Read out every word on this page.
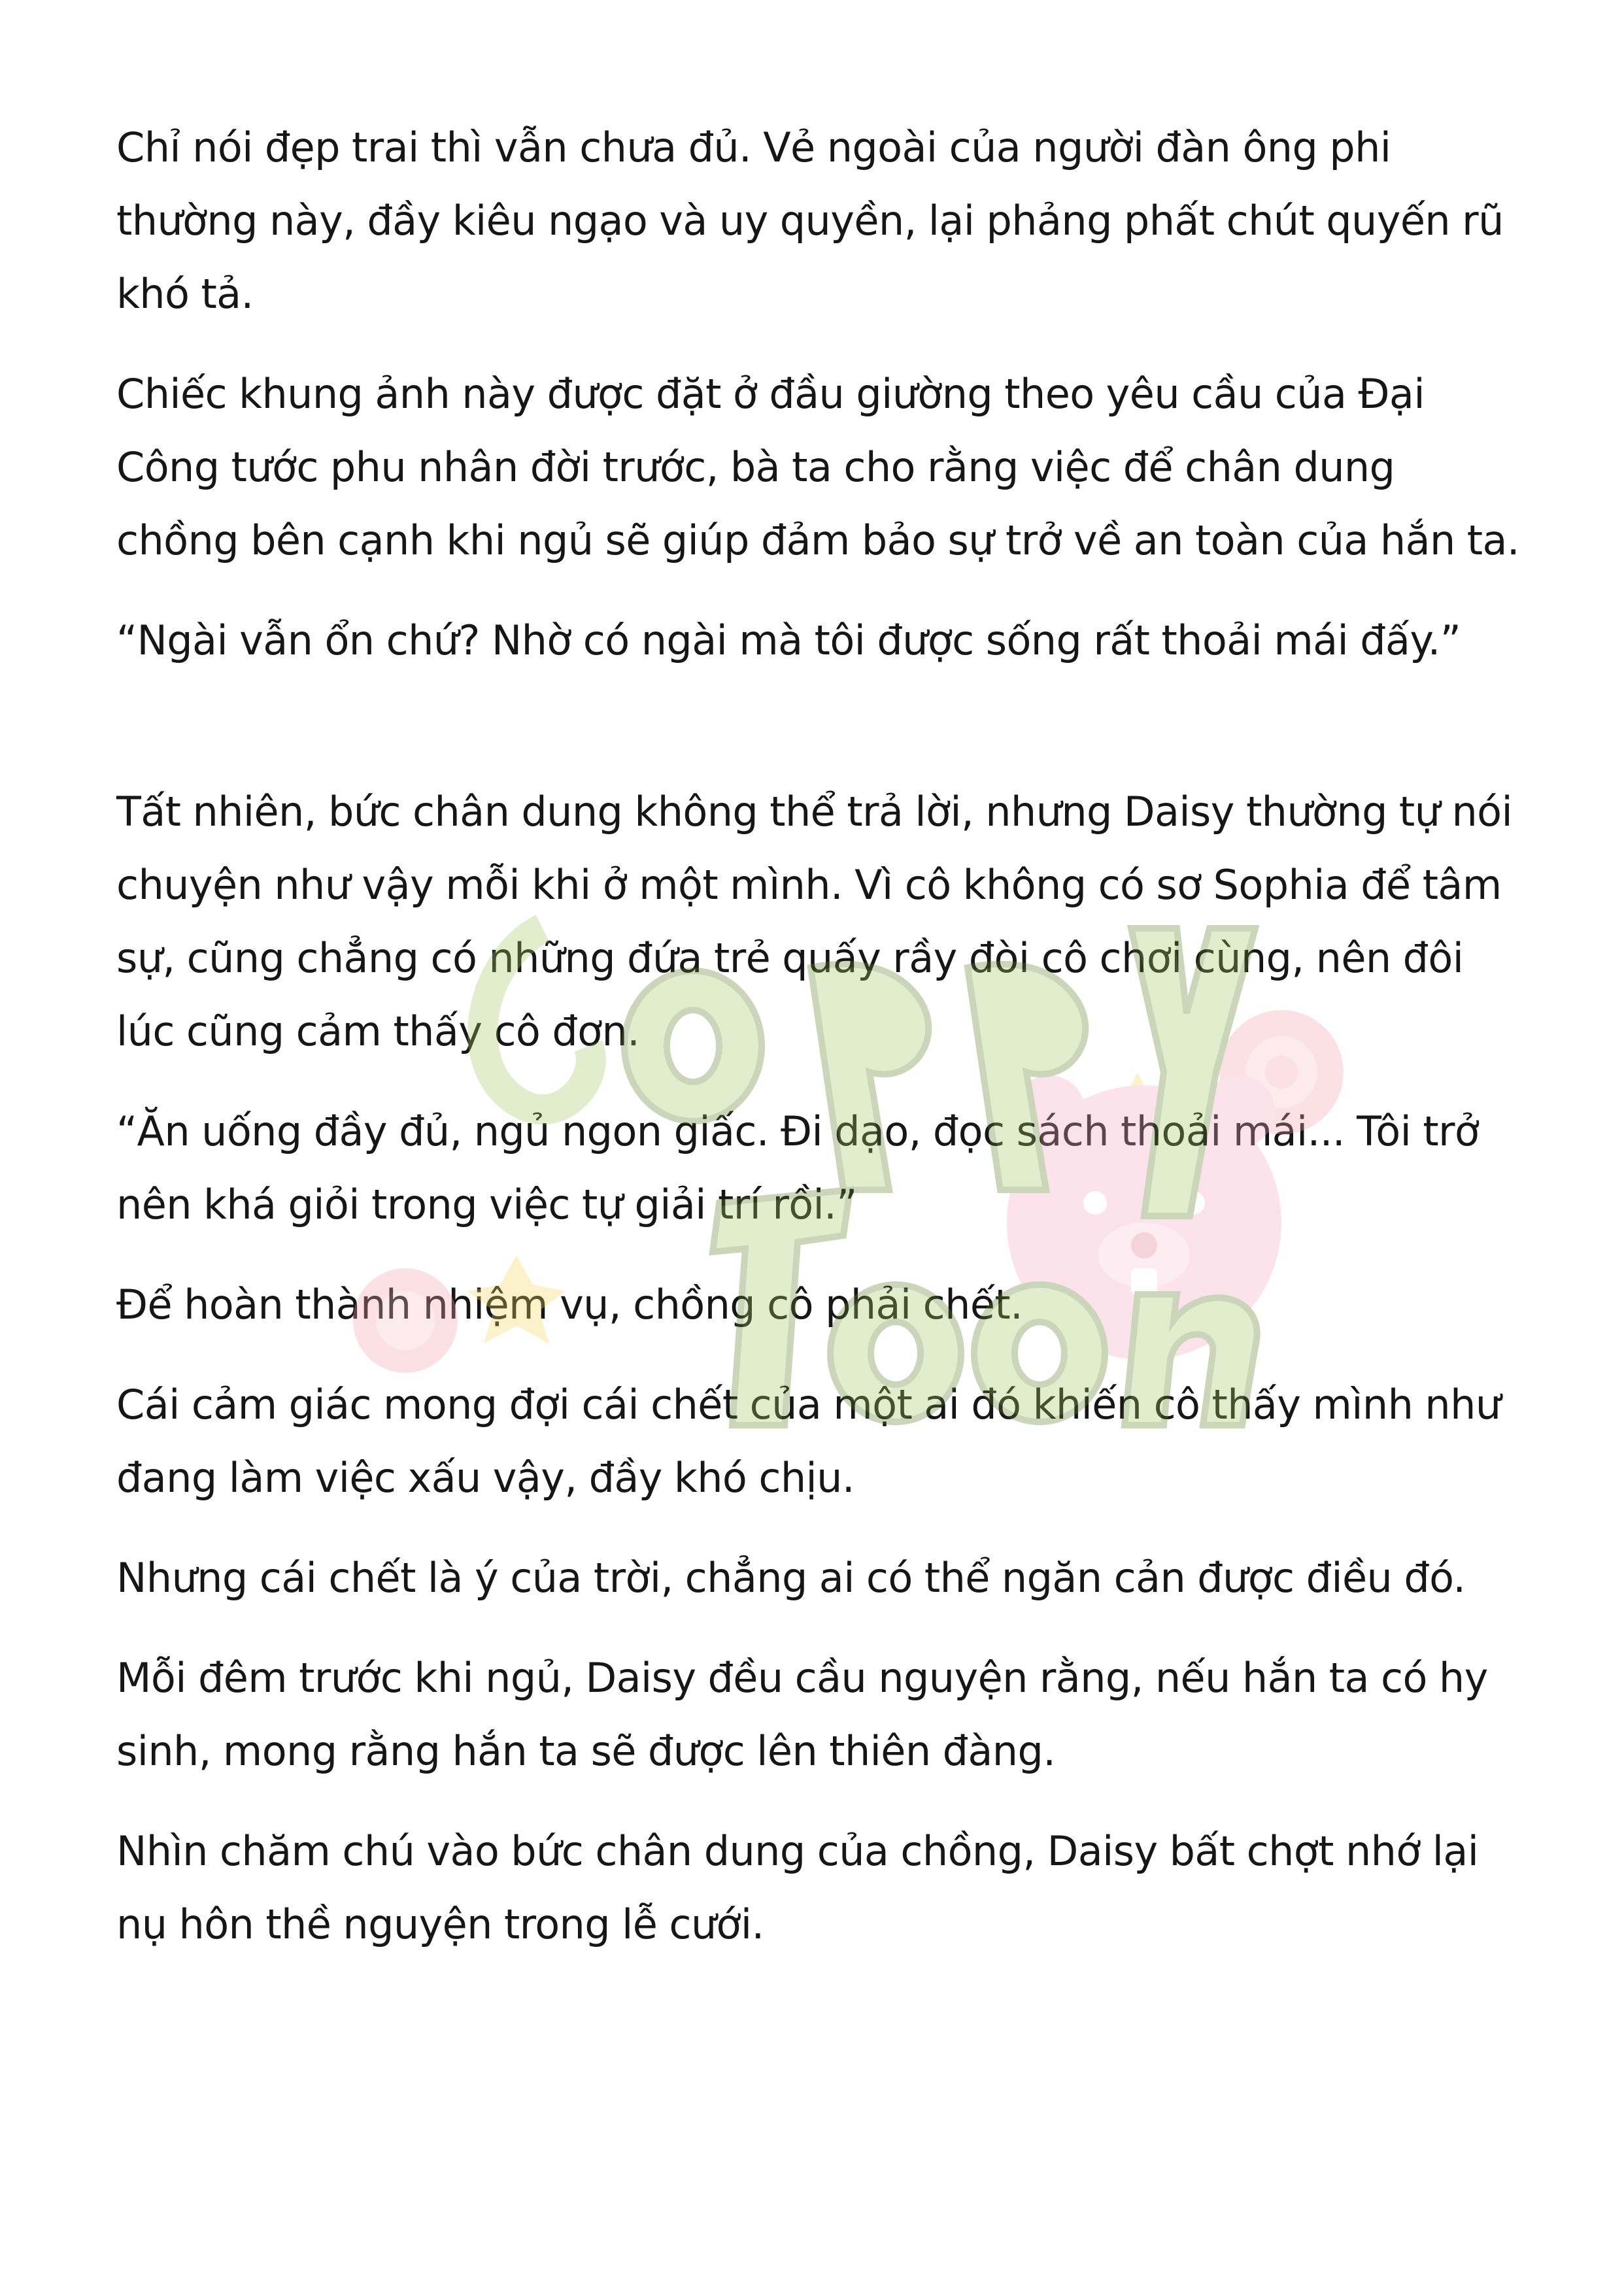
Chỉ nói đẹp trai thì vẫn chưa đủ. Vẻ ngoài của người đàn ông phi thường này, đầy kiêu ngạo và uy quyền, lại phảng phất chút quyến rũ khó tả.

Chiếc khung ảnh này được đặt ở đầu giường theo yêu cầu của Đại Công tước phu nhân đời trước, bà ta cho rằng việc để chân dung chồng bên cạnh khi ngủ sẽ giúp đảm bảo sự trở về an toàn của hắn ta.

“Ngài vẫn ổn chứ? Nhờ có ngài mà tôi được sống rất thoải mái đấy.”

Tất nhiên, bức chân dung không thể trả lời, nhưng Daisy thường tự nói chuyện như vậy mỗi khi ở một mình. Vì cô không có sơ Sophia để tâm sự, cũng chẳng có những đứa trẻ quấy rầy đòi cô chơi cùng, nên đôi lúc cũng cảm thấy cô đơn.

“Ăn uống đầy đủ, ngủ ngon giấc. Đi dạo, đọc sách thoải mái... Tôi trở nên khá giỏi trong việc tự giải trí rồi.”

Để hoàn thành nhiệm vụ, chồng cô phải chết.

Cái cảm giác mong đợi cái chết của một ai đó khiến cô thấy mình như đang làm việc xấu vậy, đầy khó chịu.

Nhưng cái chết là ý của trời, chẳng ai có thể ngăn cản được điều đó.

Mỗi đêm trước khi ngủ, Daisy đều cầu nguyện rằng, nếu hắn ta có hy sinh, mong rằng hắn ta sẽ được lên thiên đàng.

Nhìn chăm chú vào bức chân dung của chồng, Daisy bất chợt nhớ lại nụ hôn thề nguyện trong lễ cưới.
